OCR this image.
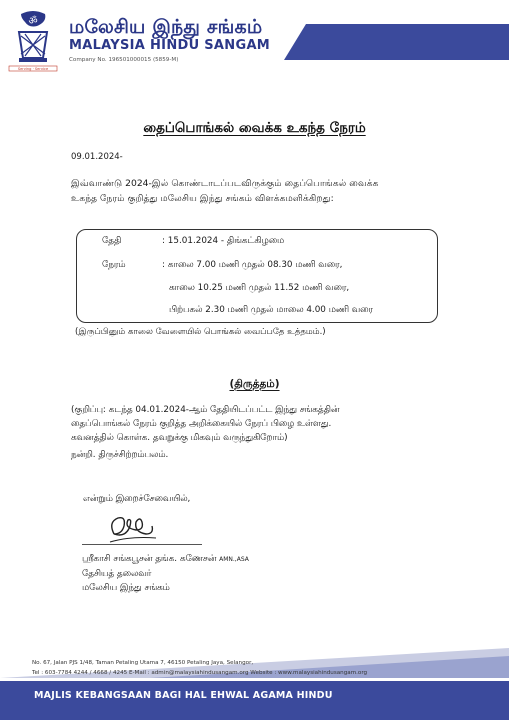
ॐ
Serving · Service
மலேசிய இந்து சங்கம்
MALAYSIA HINDU SANGAM
Company No. 196501000015 (5859-M)
தைப்பொங்கல் வைக்க உகந்த நேரம்
09.01.2024-
இவ்வாண்டு 2024-இல் கொண்டாடப்படவிருக்கும் தைப்பொங்கல் வைக்க
உகந்த நேரம் குறித்து மலேசிய இந்து சங்கம் விளக்கமளிக்கிறது:
தேதி	: 15.01.2024 - திங்கட்கிழமை
நேரம்	: காலை 7.00 மணி முதல் 08.30 மணி வரை,
காலை 10.25 மணி முதல் 11.52 மணி வரை,
பிற்பகல் 2.30 மணி முதல் மாலை 4.00 மணி வரை
(இருப்பினும் காலை வேளையில் பொங்கல் வைப்பதே உத்தமம்.)
(திருத்தம்)
(குறிப்பு: கடந்த 04.01.2024-ஆம் தேதியிடப்பட்ட இந்து சங்கத்தின்
தைப்பொங்கல் நேரம் குறித்த அறிக்கையில் நேரப் பிழை உள்ளது.
கவனத்தில் கொள்க. தவறுக்கு மிகவும் வருந்துகிறோம்)
நன்றி. திருச்சிற்றம்பலம்.
என்றும் இறைச்சேவையில்,
ஸ்ரீகாசி சங்கபூசன் தங்க. கணேசன் AMN.,ASA
தேசியத் தலைவர்
மலேசிய இந்து சங்கம்
No. 67, Jalan PJS 1/48, Taman Petaling Utama 7, 46150 Petaling Jaya, Selangor,
Tel : 603-7784 4244 / 4668 / 4245 E-Mail : admin@malaysiahindusangam.org Website : www.malaysiahindusangam.org
MAJLIS KEBANGSAAN BAGI HAL EHWAL AGAMA HINDU
